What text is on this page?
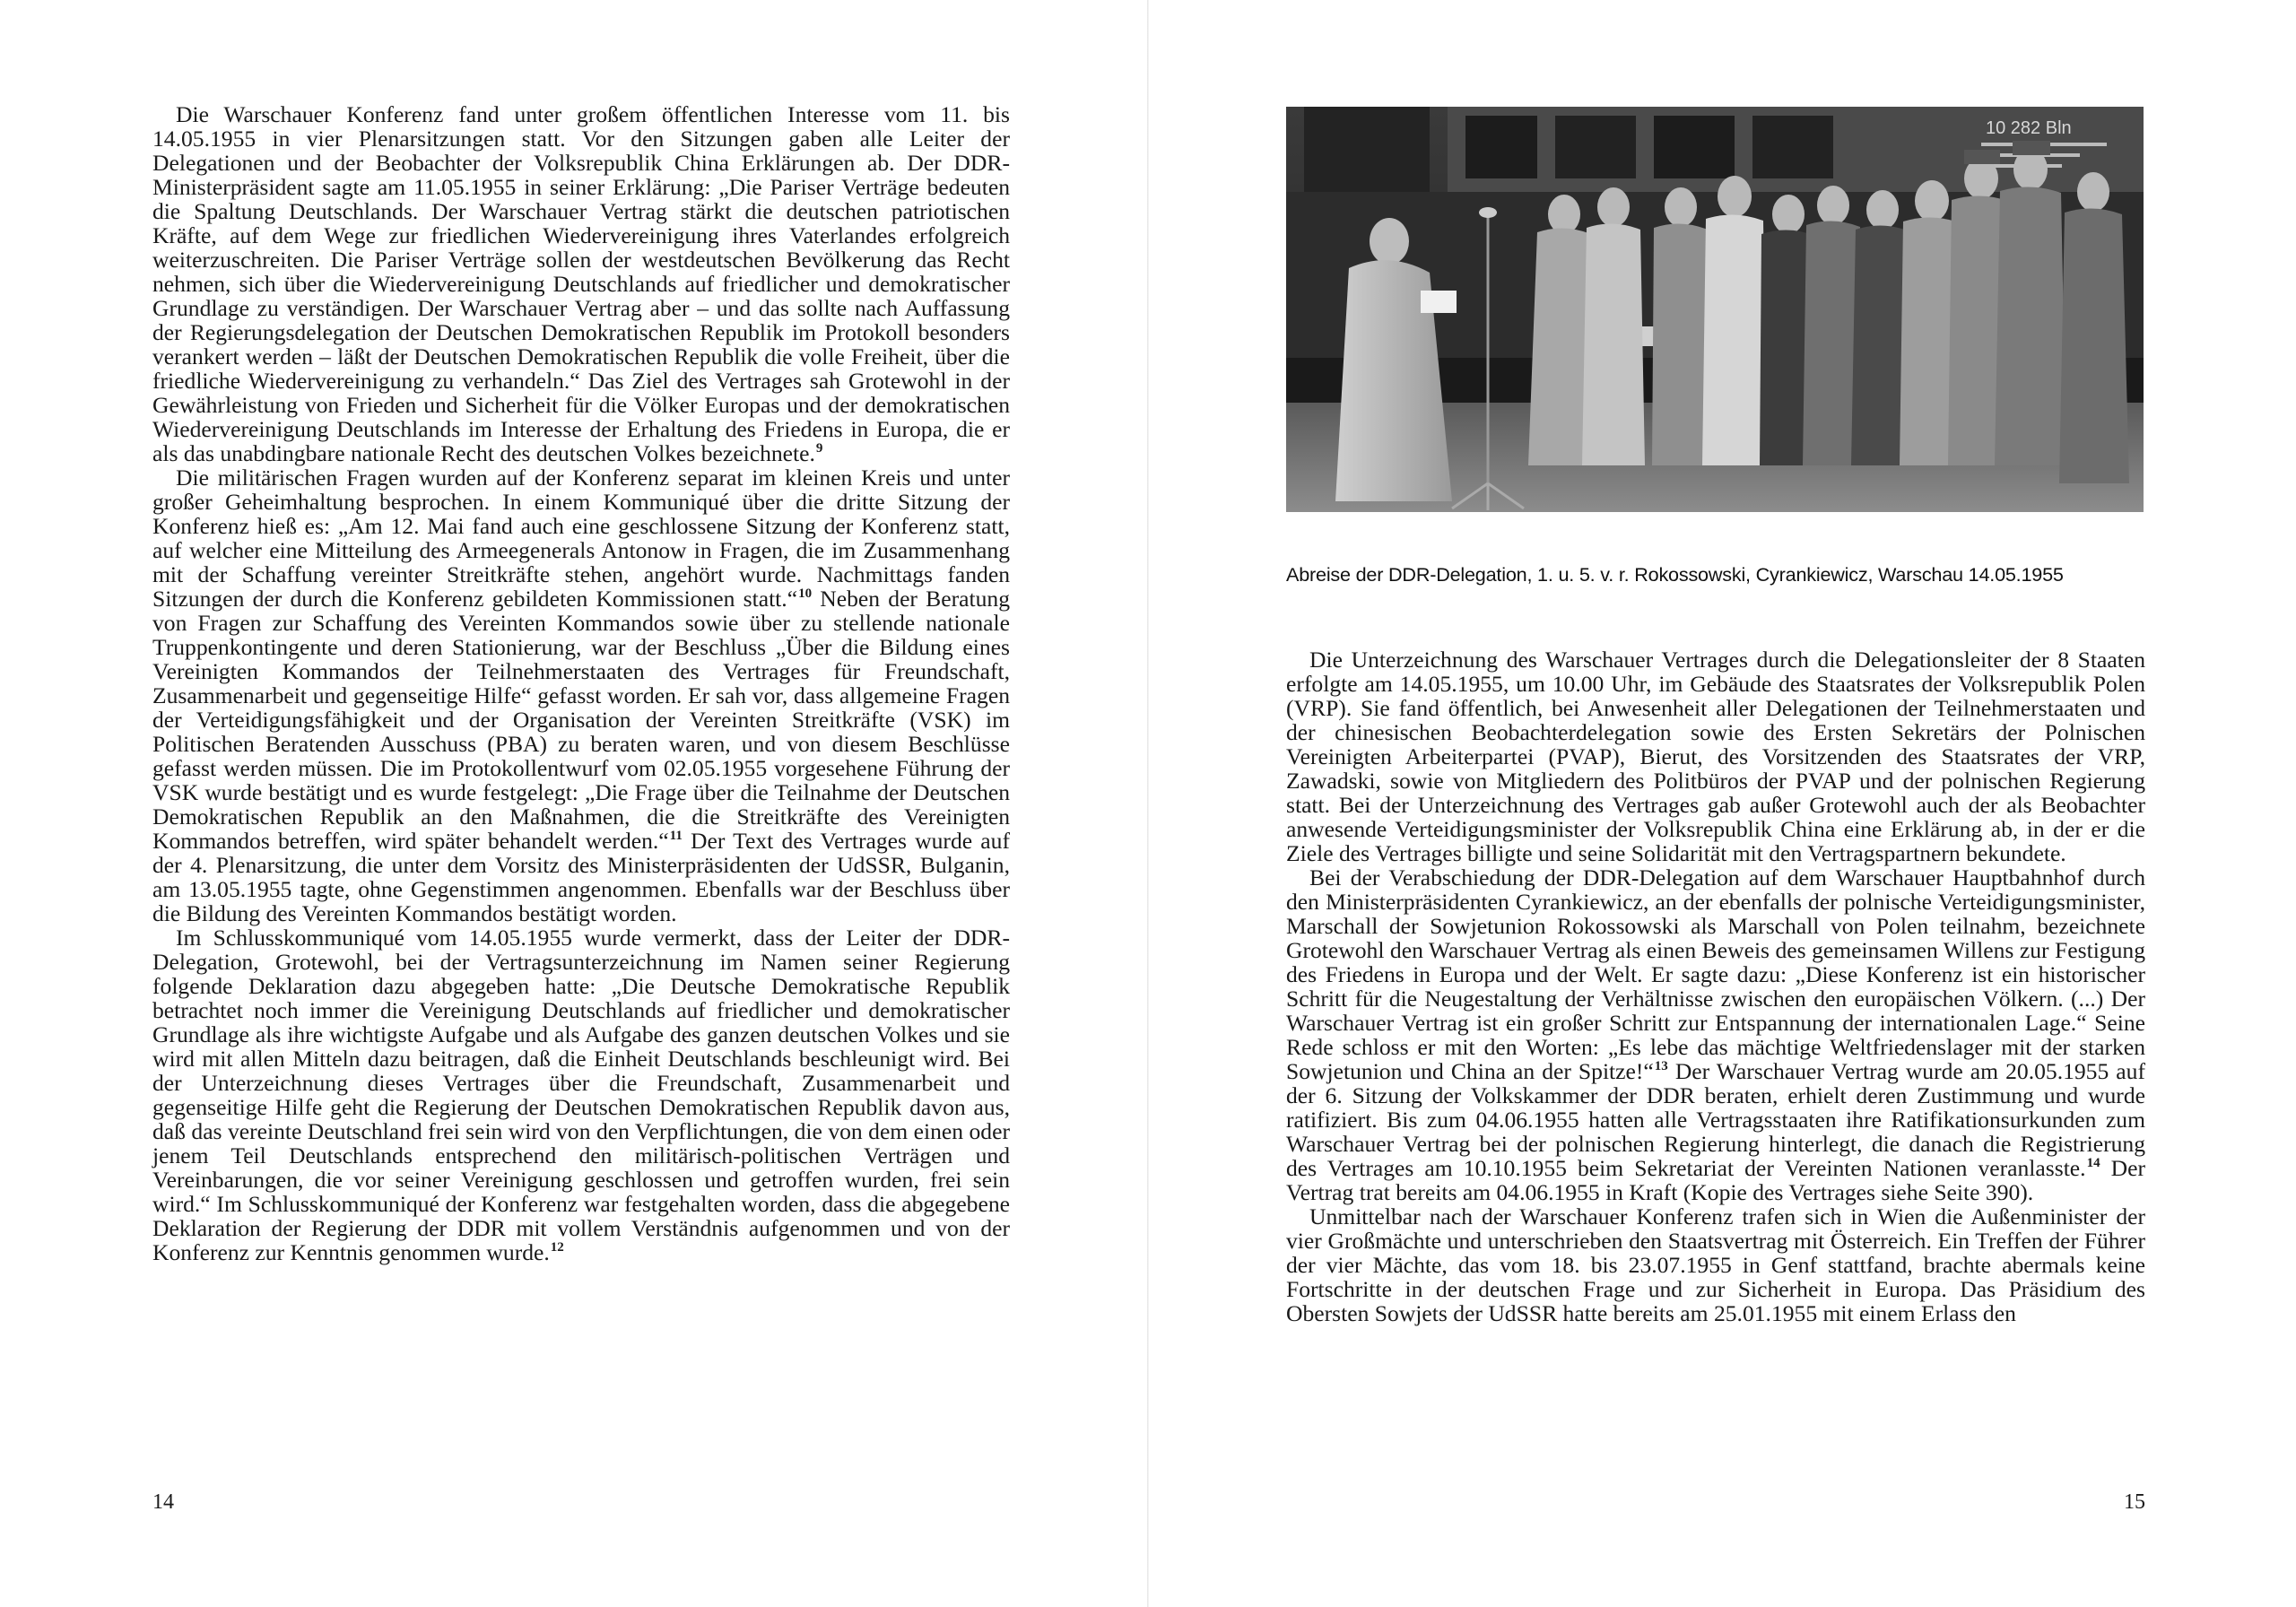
Die Warschauer Konferenz fand unter großem öffentlichen Interesse vom 11. bis 14.05.1955 in vier Plenarsitzungen statt. Vor den Sitzungen gaben alle Leiter der Delegationen und der Beobachter der Volksrepublik China Erklärungen ab. Der DDR-Ministerpräsident sagte am 11.05.1955 in seiner Erklärung: „Die Pariser Verträge bedeuten die Spaltung Deutschlands. Der Warschauer Vertrag stärkt die deutschen patriotischen Kräfte, auf dem Wege zur friedlichen Wiedervereinigung ihres Vaterlandes erfolgreich weiterzuschreiten. Die Pariser Verträge sollen der westdeutschen Bevölkerung das Recht nehmen, sich über die Wiedervereinigung Deutschlands auf friedlicher und demokratischer Grundlage zu verständigen. Der Warschauer Vertrag aber – und das sollte nach Auffassung der Regierungsdelegation der Deutschen Demokratischen Republik im Protokoll besonders verankert werden – läßt der Deutschen Demokratischen Republik die volle Freiheit, über die friedliche Wiedervereinigung zu verhandeln.“ Das Ziel des Vertrages sah Grotewohl in der Gewährleistung von Frieden und Sicherheit für die Völker Europas und der demokratischen Wiedervereinigung Deutschlands im Interesse der Erhaltung des Friedens in Europa, die er als das unabdingbare nationale Recht des deutschen Volkes bezeichnete.$^9$

Die militärischen Fragen wurden auf der Konferenz separat im kleinen Kreis und unter großer Geheimhaltung besprochen. In einem Kommuniqué über die dritte Sitzung der Konferenz hieß es: „Am 12. Mai fand auch eine geschlossene Sitzung der Konferenz statt, auf welcher eine Mitteilung des Armeegenerals Antonow in Fragen, die im Zusammenhang mit der Schaffung vereinter Streitkräfte stehen, angehört wurde. Nachmittags fanden Sitzungen der durch die Konferenz gebildeten Kommissionen statt.“$^{10}$ Neben der Beratung von Fragen zur Schaffung des Vereinten Kommandos sowie über zu stellende nationale Truppenkontingente und deren Stationierung, war der Beschluss „Über die Bildung eines Vereinigten Kommandos der Teilnehmerstaaten des Vertrages für Freundschaft, Zusammenarbeit und gegenseitige Hilfe“ gefasst worden. Er sah vor, dass allgemeine Fragen der Verteidigungsfähigkeit und der Organisation der Vereinten Streitkräfte (VSK) im Politischen Beratenden Ausschuss (PBA) zu beraten waren, und von diesem Beschlüsse gefasst werden müssen. Die im Protokollentwurf vom 02.05.1955 vorgesehene Führung der VSK wurde bestätigt und es wurde festgelegt: „Die Frage über die Teilnahme der Deutschen Demokratischen Republik an den Maßnahmen, die die Streitkräfte des Vereinigten Kommandos betreffen, wird später behandelt werden.“$^{11}$ Der Text des Vertrages wurde auf der 4. Plenarsitzung, die unter dem Vorsitz des Ministerpräsidenten der UdSSR, Bulganin, am 13.05.1955 tagte, ohne Gegenstimmen angenommen. Ebenfalls war der Beschluss über die Bildung des Vereinten Kommandos bestätigt worden.

Im Schlusskommuniqué vom 14.05.1955 wurde vermerkt, dass der Leiter der DDR-Delegation, Grotewohl, bei der Vertragsunterzeichnung im Namen seiner Regierung folgende Deklaration dazu abgegeben hatte: „Die Deutsche Demokratische Republik betrachtet noch immer die Vereinigung Deutschlands auf friedlicher und demokratischer Grundlage als ihre wichtigste Aufgabe und als Aufgabe des ganzen deutschen Volkes und sie wird mit allen Mitteln dazu beitragen, daß die Einheit Deutschlands beschleunigt wird. Bei der Unterzeichnung dieses Vertrages über die Freundschaft, Zusammenarbeit und gegenseitige Hilfe geht die Regierung der Deutschen Demokratischen Republik davon aus, daß das vereinte Deutschland frei sein wird von den Verpflichtungen, die von dem einen oder jenem Teil Deutschlands entsprechend den militärisch-politischen Verträgen und Vereinbarungen, die vor seiner Vereinigung geschlossen und getroffen wurden, frei sein wird.“ Im Schlusskommuniqué der Konferenz war festgehalten worden, dass die abgegebene Deklaration der Regierung der DDR mit vollem Verständnis aufgenommen und von der Konferenz zur Kenntnis genommen wurde.$^{12}$

14
10 282 Bln
Abreise der DDR-Delegation, 1. u. 5. v. r. Rokossowski, Cyrankiewicz, Warschau 14.05.1955

Die Unterzeichnung des Warschauer Vertrages durch die Delegationsleiter der 8 Staaten erfolgte am 14.05.1955, um 10.00 Uhr, im Gebäude des Staatsrates der Volksrepublik Polen (VRP). Sie fand öffentlich, bei Anwesenheit aller Delegationen der Teilnehmerstaaten und der chinesischen Beobachterdelegation sowie des Ersten Sekretärs der Polnischen Vereinigten Arbeiterpartei (PVAP), Bierut, des Vorsitzenden des Staatsrates der VRP, Zawadski, sowie von Mitgliedern des Politbüros der PVAP und der polnischen Regierung statt. Bei der Unterzeichnung des Vertrages gab außer Grotewohl auch der als Beobachter anwesende Verteidigungsminister der Volksrepublik China eine Erklärung ab, in der er die Ziele des Vertrages billigte und seine Solidarität mit den Vertragspartnern bekundete.

Bei der Verabschiedung der DDR-Delegation auf dem Warschauer Hauptbahnhof durch den Ministerpräsidenten Cyrankiewicz, an der ebenfalls der polnische Verteidigungsminister, Marschall der Sowjetunion Rokossowski als Marschall von Polen teilnahm, bezeichnete Grotewohl den Warschauer Vertrag als einen Beweis des gemeinsamen Willens zur Festigung des Friedens in Europa und der Welt. Er sagte dazu: „Diese Konferenz ist ein historischer Schritt für die Neugestaltung der Verhältnisse zwischen den europäischen Völkern. (...) Der Warschauer Vertrag ist ein großer Schritt zur Entspannung der internationalen Lage.“ Seine Rede schloss er mit den Worten: „Es lebe das mächtige Weltfriedenslager mit der starken Sowjetunion und China an der Spitze!“$^{13}$ Der Warschauer Vertrag wurde am 20.05.1955 auf der 6. Sitzung der Volkskammer der DDR beraten, erhielt deren Zustimmung und wurde ratifiziert. Bis zum 04.06.1955 hatten alle Vertragsstaaten ihre Ratifikationsurkunden zum Warschauer Vertrag bei der polnischen Regierung hinterlegt, die danach die Registrierung des Vertrages am 10.10.1955 beim Sekretariat der Vereinten Nationen veranlasste.$^{14}$ Der Vertrag trat bereits am 04.06.1955 in Kraft (Kopie des Vertrages siehe Seite 390).

Unmittelbar nach der Warschauer Konferenz trafen sich in Wien die Außenminister der vier Großmächte und unterschrieben den Staatsvertrag mit Österreich. Ein Treffen der Führer der vier Mächte, das vom 18. bis 23.07.1955 in Genf stattfand, brachte abermals keine Fortschritte in der deutschen Frage und zur Sicherheit in Europa. Das Präsidium des Obersten Sowjets der UdSSR hatte bereits am 25.01.1955 mit einem Erlass den

15
